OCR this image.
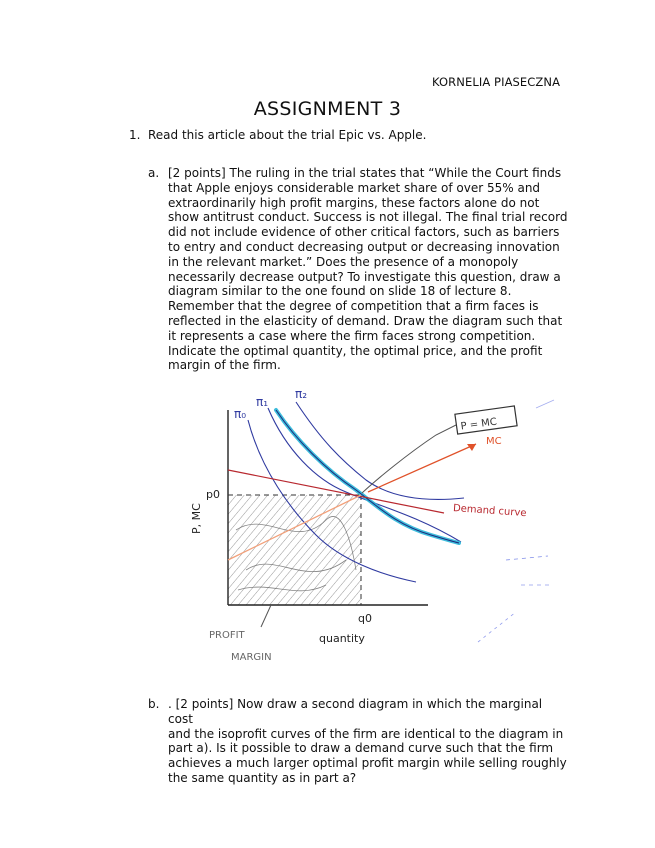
KORNELIA PIASECZNA
ASSIGNMENT 3
1. Read this article about the trial Epic vs. Apple.
a. [2 points] The ruling in the trial states that “While the Court finds

that Apple enjoys considerable market share of over 55% and

extraordinarily high profit margins, these factors alone do not

show antitrust conduct. Success is not illegal. The final trial record

did not include evidence of other critical factors, such as barriers

to entry and conduct decreasing output or decreasing innovation

in the relevant market.” Does the presence of a monopoly

necessarily decrease output? To investigate this question, draw a

diagram similar to the one found on slide 18 of lecture 8.

Remember that the degree of competition that a firm faces is

reflected in the elasticity of demand. Draw the diagram such that

it represents a case where the firm faces strong competition.

Indicate the optimal quantity, the optimal price, and the profit

margin of the firm.

P, MC
p0
q0
quantity
PROFIT
MARGIN
π₀
π₁
π₂
P = MC
MC
Demand curve
b. . [2 points] Now draw a second diagram in which the marginal cost

and the isoprofit curves of the firm are identical to the diagram in

part a). Is it possible to draw a demand curve such that the firm

achieves a much larger optimal profit margin while selling roughly

the same quantity as in part a?
